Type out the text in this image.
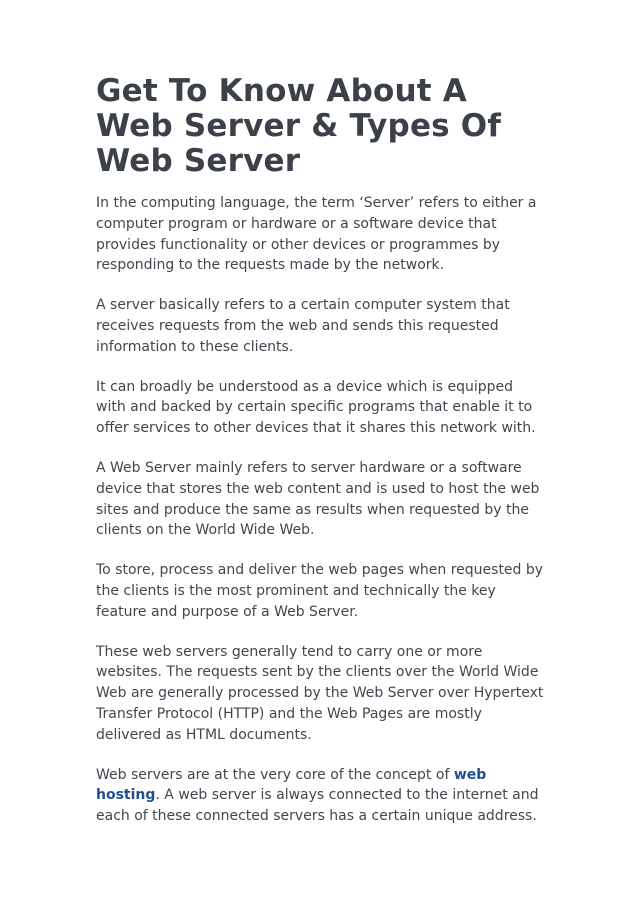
Get To Know About A Web Server & Types Of Web Server

In the computing language, the term ‘Server’ refers to either a computer program or hardware or a software device that provides functionality or other devices or programmes by responding to the requests made by the network.

A server basically refers to a certain computer system that receives requests from the web and sends this requested information to these clients.

It can broadly be understood as a device which is equipped with and backed by certain specific programs that enable it to offer services to other devices that it shares this network with.

A Web Server mainly refers to server hardware or a software device that stores the web content and is used to host the web sites and produce the same as results when requested by the clients on the World Wide Web.

To store, process and deliver the web pages when requested by the clients is the most prominent and technically the key feature and purpose of a Web Server.

These web servers generally tend to carry one or more websites. The requests sent by the clients over the World Wide Web are generally processed by the Web Server over Hypertext Transfer Protocol (HTTP) and the Web Pages are mostly delivered as HTML documents.

Web servers are at the very core of the concept of web hosting. A web server is always connected to the internet and each of these connected servers has a certain unique address.
